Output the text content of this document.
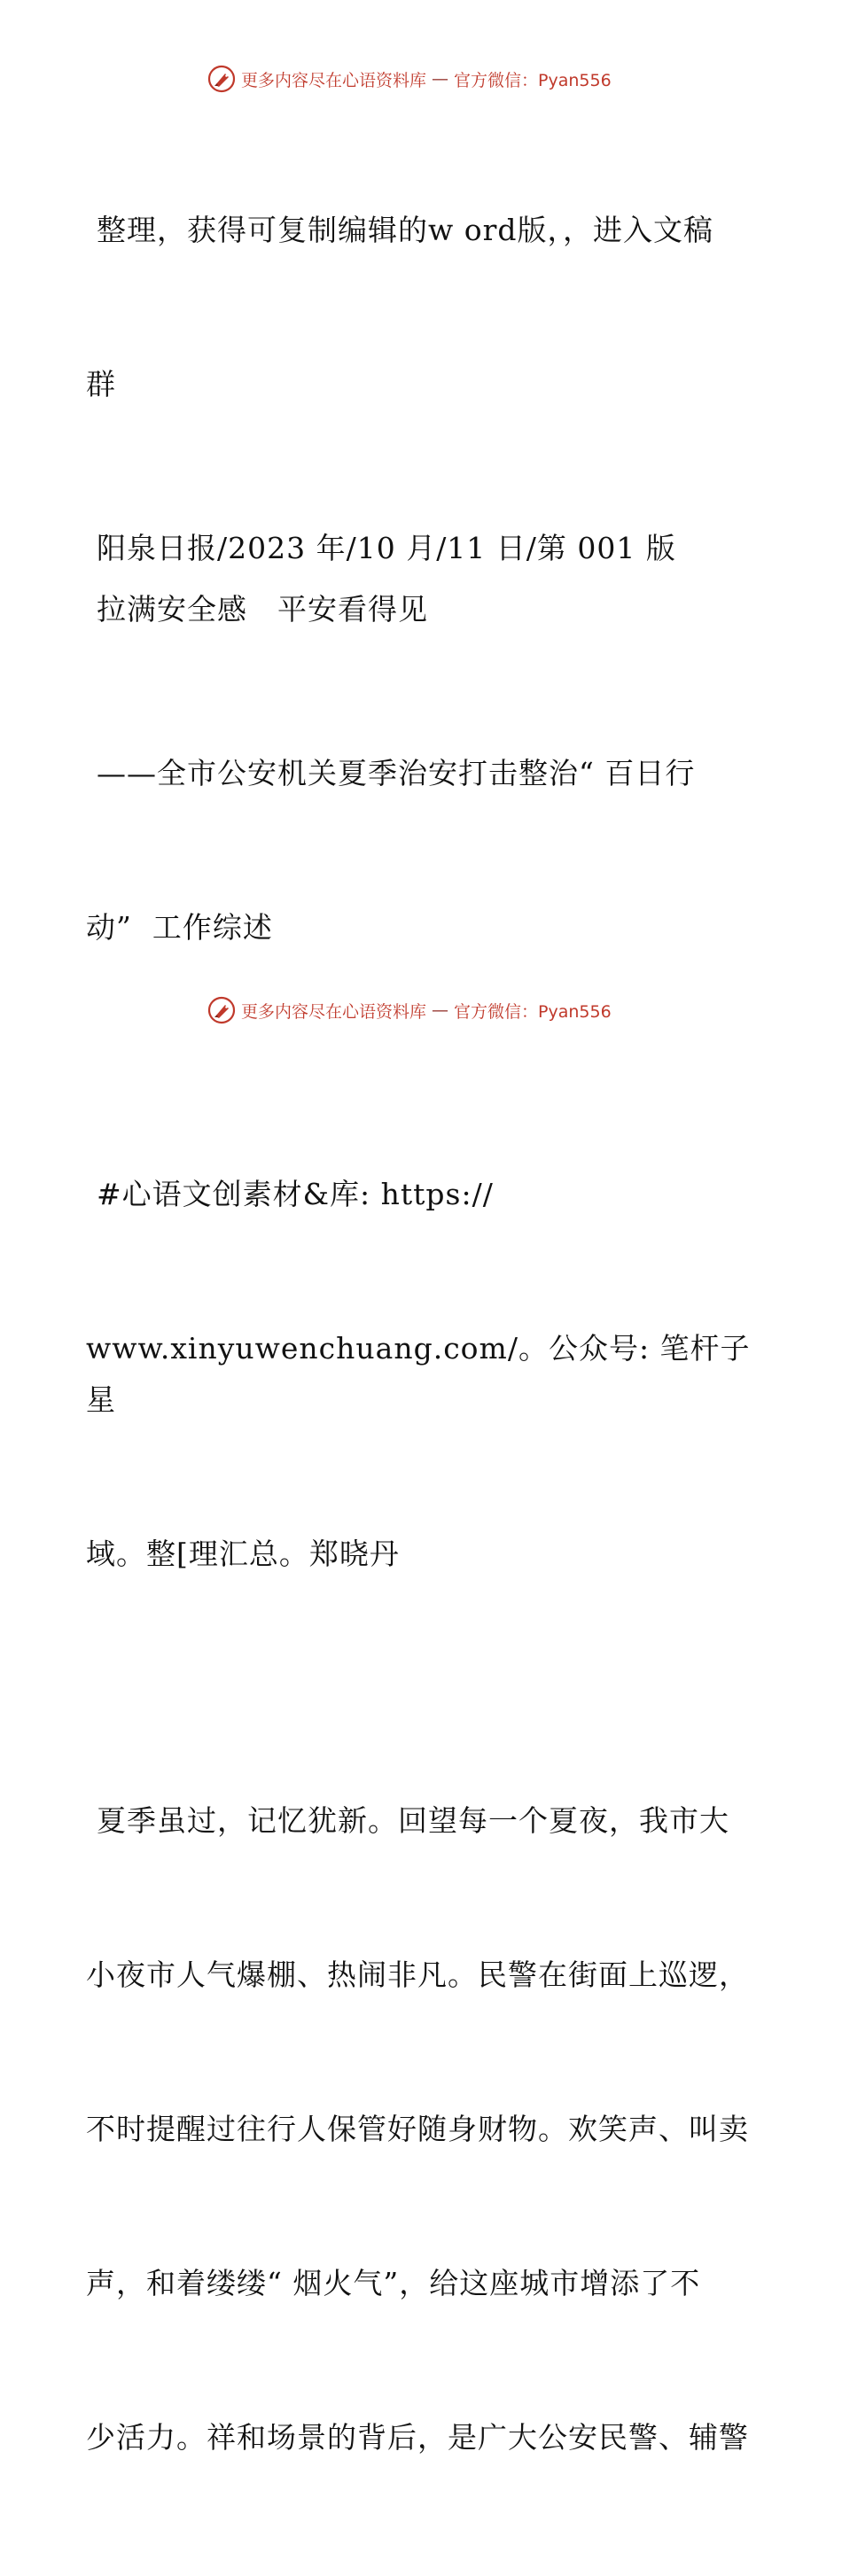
更多内容尽在心语资料库 — 官方微信：Pyan556

整理，获得可复制编辑的w ord版，，进入文稿

群

阳泉日报/2023 年/10 月/11 日/第 001 版

拉满安全感　平安看得见

——全市公安机关夏季治安打击整治“ 百日行

动”  工作综述

#心语文创素材&库: https://

www.xinyuwenchuang.com/。公众号: 笔杆子星

域。整[理汇总。郑晓丹

夏季虽过，记忆犹新。回望每一个夏夜，我市大

小夜市人气爆棚、热闹非凡。民警在街面上巡逻，

不时提醒过往行人保管好随身财物。欢笑声、叫卖

声，和着缕缕“ 烟火气”，给这座城市增添了不

少活力。祥和场景的背后，是广大公安民警、辅警

更多内容尽在心语资料库 — 官方微信：Pyan556
